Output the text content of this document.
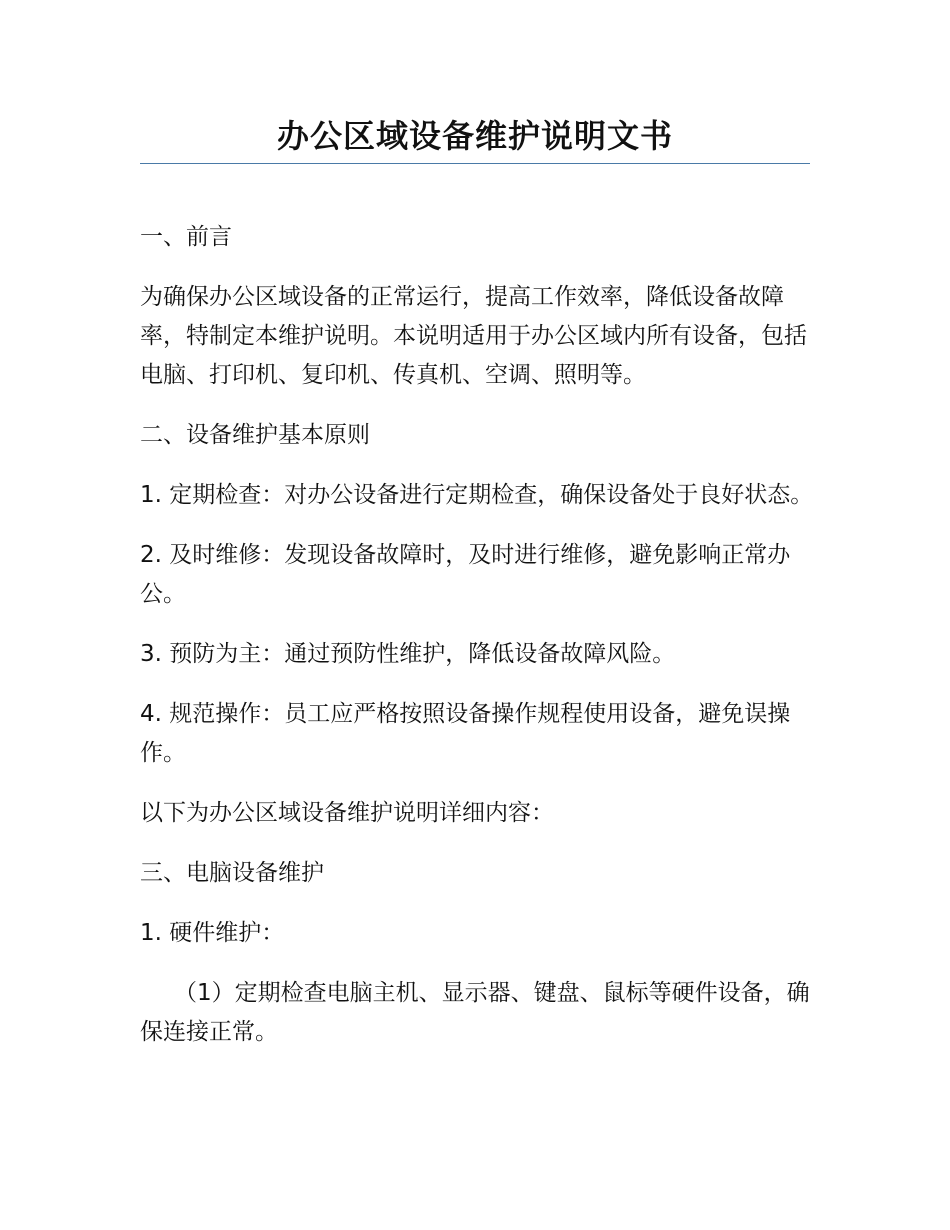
办公区域设备维护说明文书

一、前言

为确保办公区域设备的正常运行，提高工作效率，降低设备故障率，特制定本维护说明。本说明适用于办公区域内所有设备，包括电脑、打印机、复印机、传真机、空调、照明等。

二、设备维护基本原则

1. 定期检查：对办公设备进行定期检查，确保设备处于良好状态。

2. 及时维修：发现设备故障时，及时进行维修，避免影响正常办公。

3. 预防为主：通过预防性维护，降低设备故障风险。

4. 规范操作：员工应严格按照设备操作规程使用设备，避免误操作。

以下为办公区域设备维护说明详细内容：

三、电脑设备维护

1. 硬件维护：

（1）定期检查电脑主机、显示器、键盘、鼠标等硬件设备，确保连接正常。
